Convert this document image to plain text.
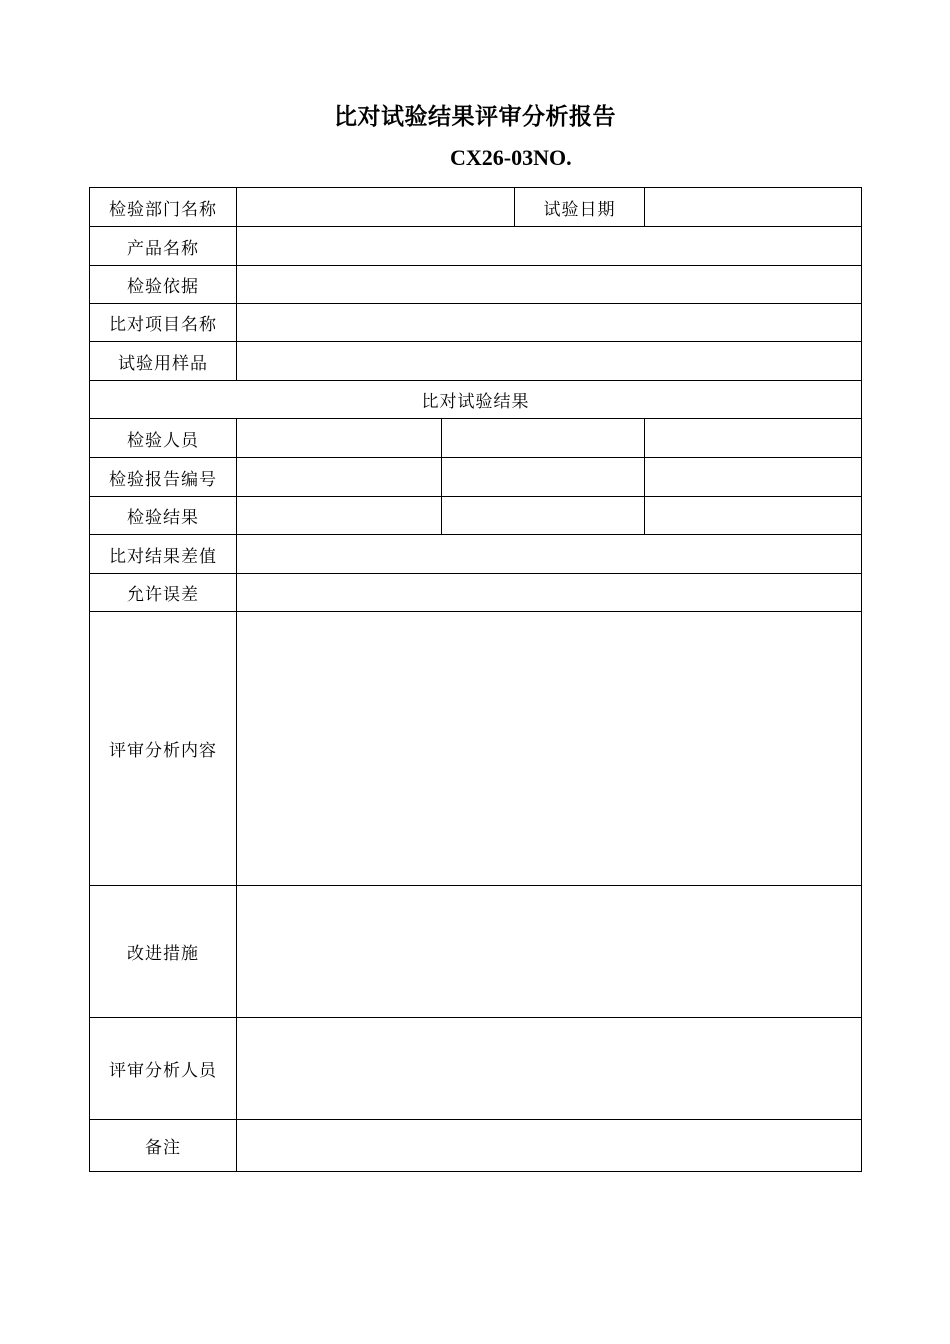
比对试验结果评审分析报告
CX26-03NO.
检验部门名称			试验日期	
产品名称				
检验依据				
比对项目名称				
试验用样品				
比对试验结果				
检验人员				
检验报告编号				
检验结果				
比对结果差值				
允许误差				
评审分析内容				
改进措施				
评审分析人员				
备注				
